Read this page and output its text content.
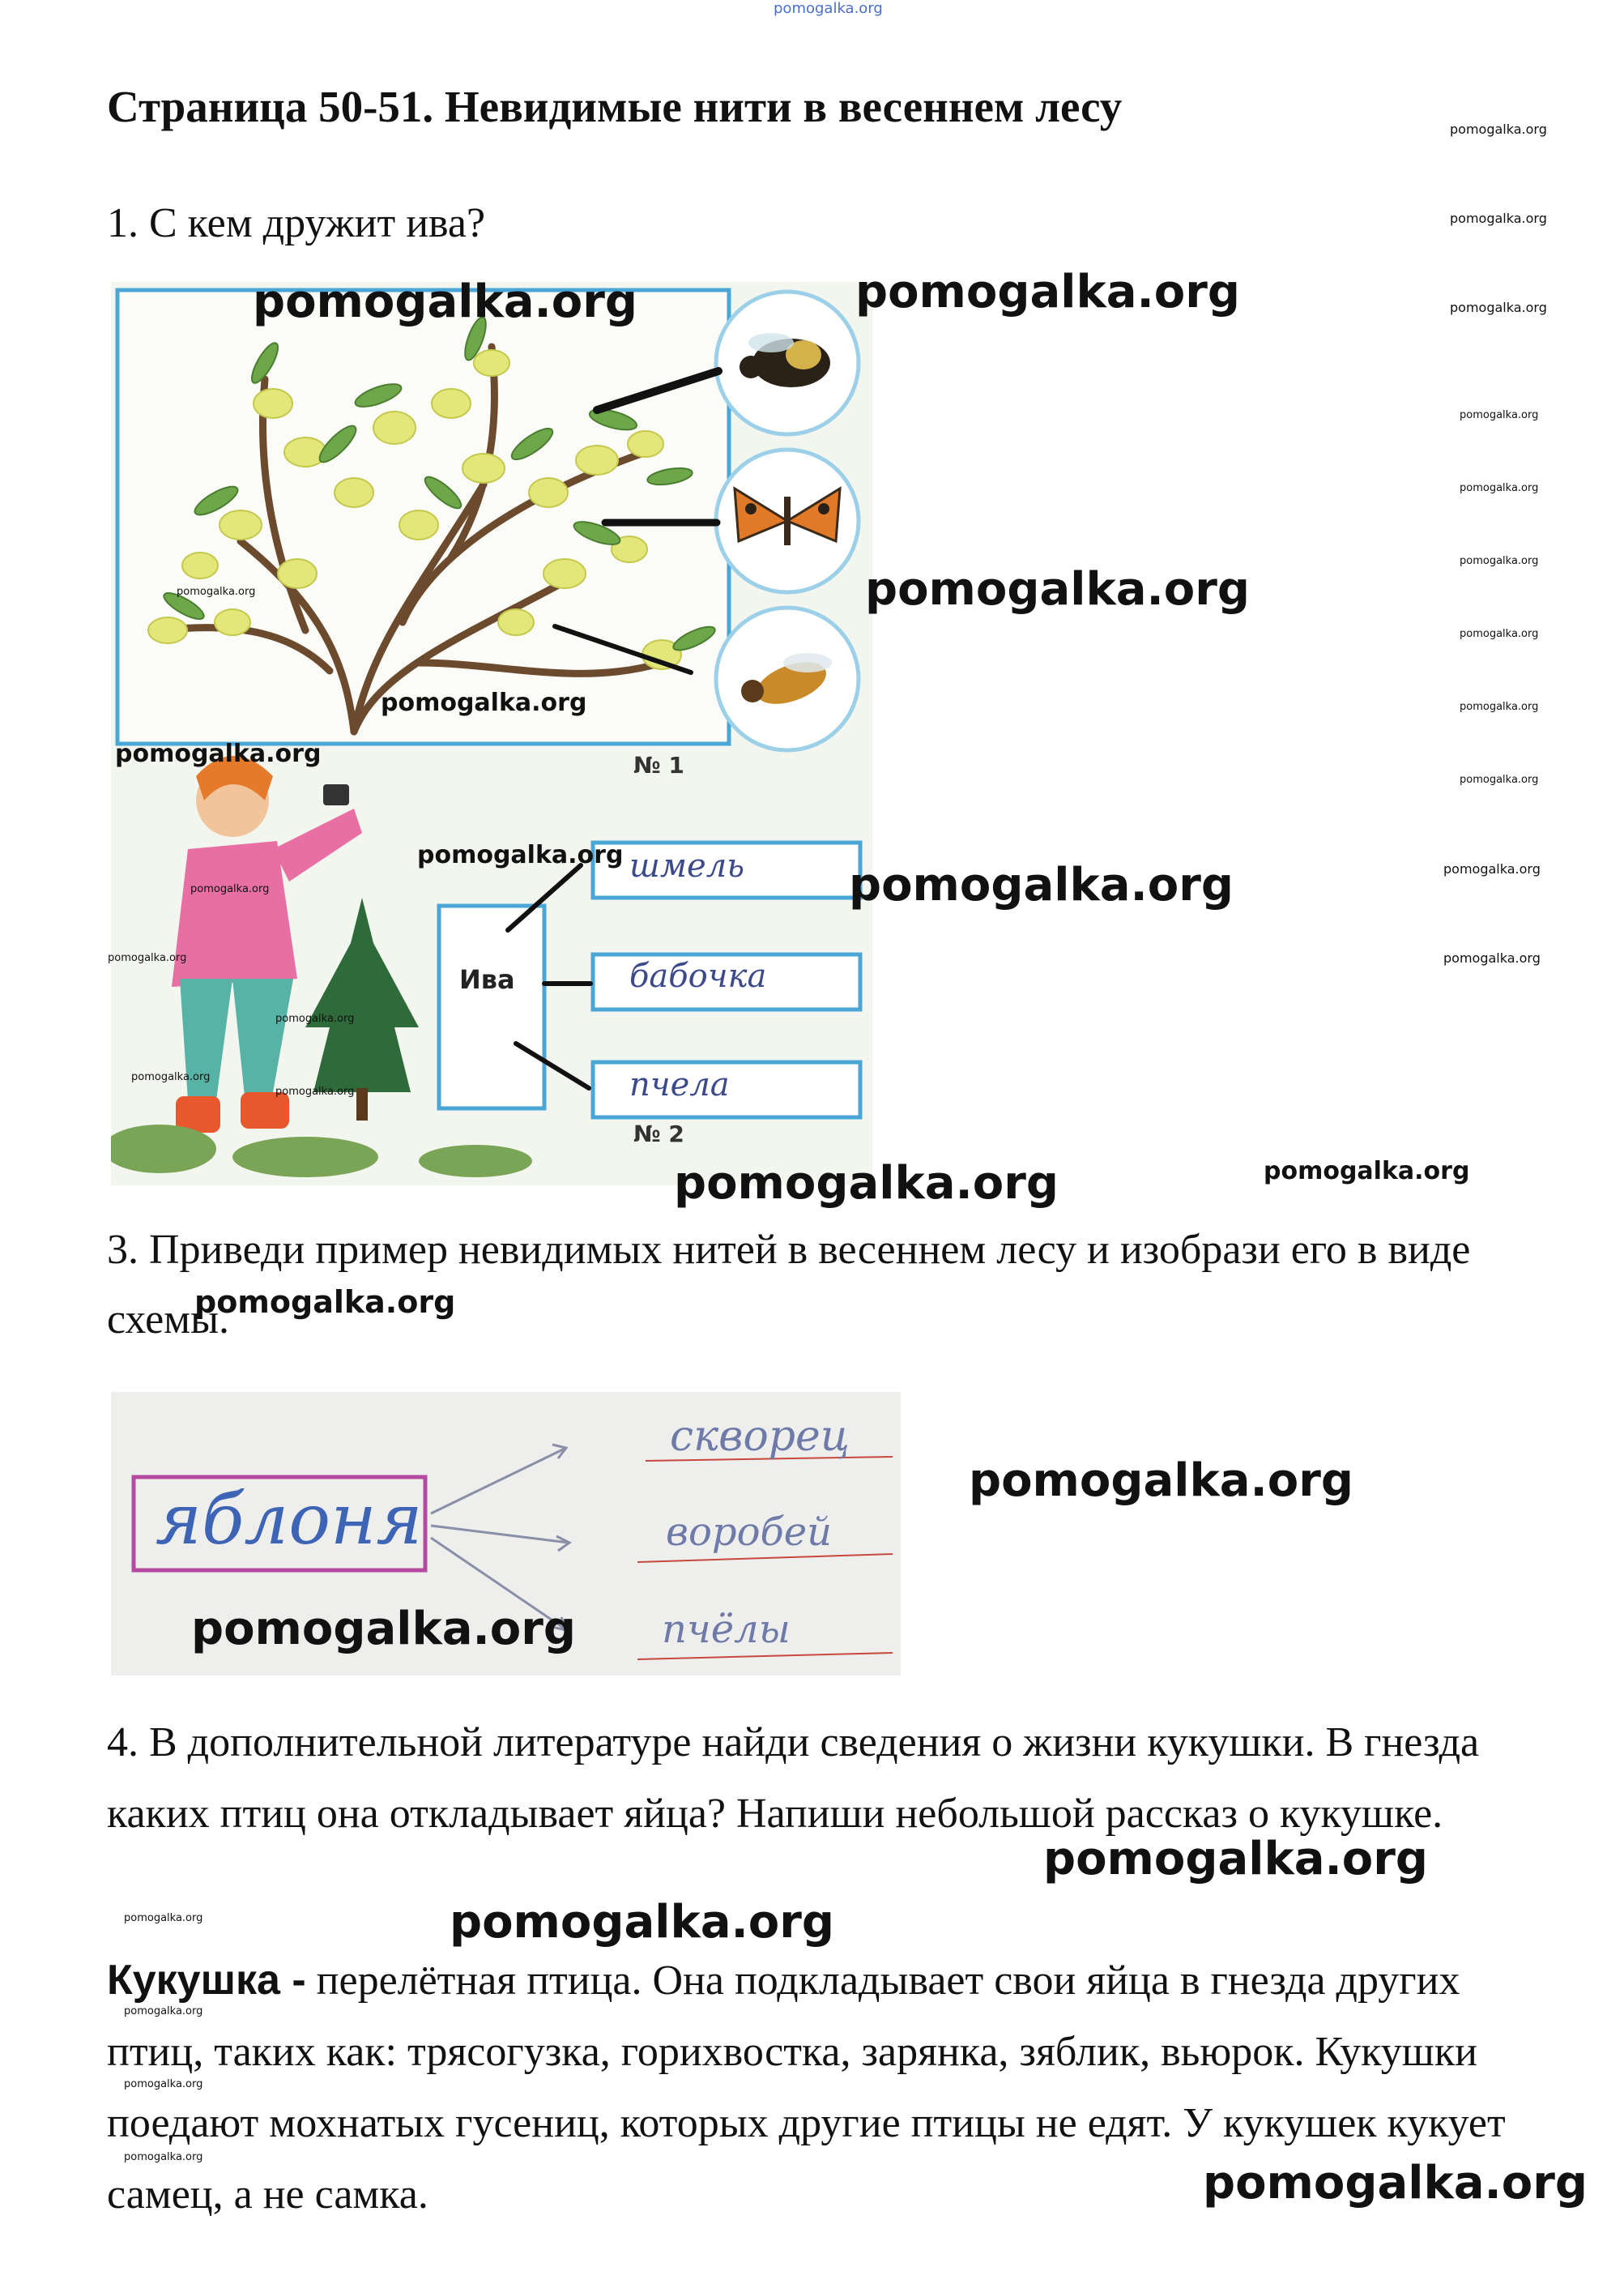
pomogalka.org
Страница 50-51. Невидимые нити в весеннем лесу
1. С кем дружит ива?
№ 1
№ 2
Ива
шмель
бабочка
пчела
3. Приведи пример невидимых нитей в весеннем лесу и изобрази его в виде схемы.
яблоня
скворец
воробей
пчёлы
4. В дополнительной литературе найди сведения о жизни кукушки. В гнезда каких птиц она откладывает яйца? Напиши небольшой рассказ о кукушке.
Кукушка - перелётная птица. Она подкладывает свои яйца в гнезда других птиц, таких как: трясогузка, горихвостка, зарянка, зяблик, вьюрок. Кукушки поедают мохнатых гусениц, которых другие птицы не едят. У кукушек кукует самец, а не самка.
pomogalka.org
pomogalka.org
pomogalka.org
pomogalka.org
pomogalka.org
pomogalka.org
pomogalka.org
pomogalka.org
pomogalka.org
pomogalka.org
pomogalka.org
pomogalka.org	pomogalka.org
pomogalka.org
pomogalka.org
pomogalka.org
pomogalka.org
pomogalka.org
pomogalka.org
pomogalka.org
pomogalka.org
pomogalka.org
pomogalka.org
pomogalka.org
pomogalka.org
pomogalka.org
pomogalka.org
pomogalka.org
pomogalka.org
pomogalka.org
pomogalka.org
pomogalka.org
pomogalka.org
pomogalka.org
pomogalka.org
pomogalka.org
